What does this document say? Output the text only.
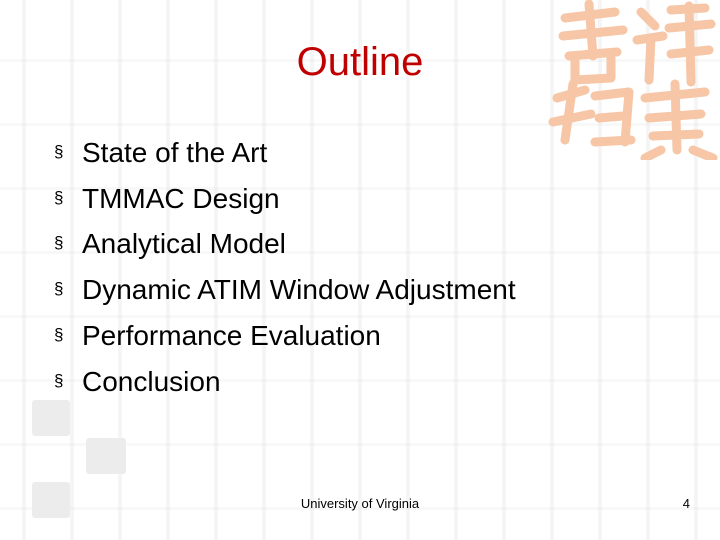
Outline
§ State of the Art
§ TMMAC Design
§ Analytical Model
§ Dynamic ATIM Window Adjustment
§ Performance Evaluation
§ Conclusion
University of Virginia	4
